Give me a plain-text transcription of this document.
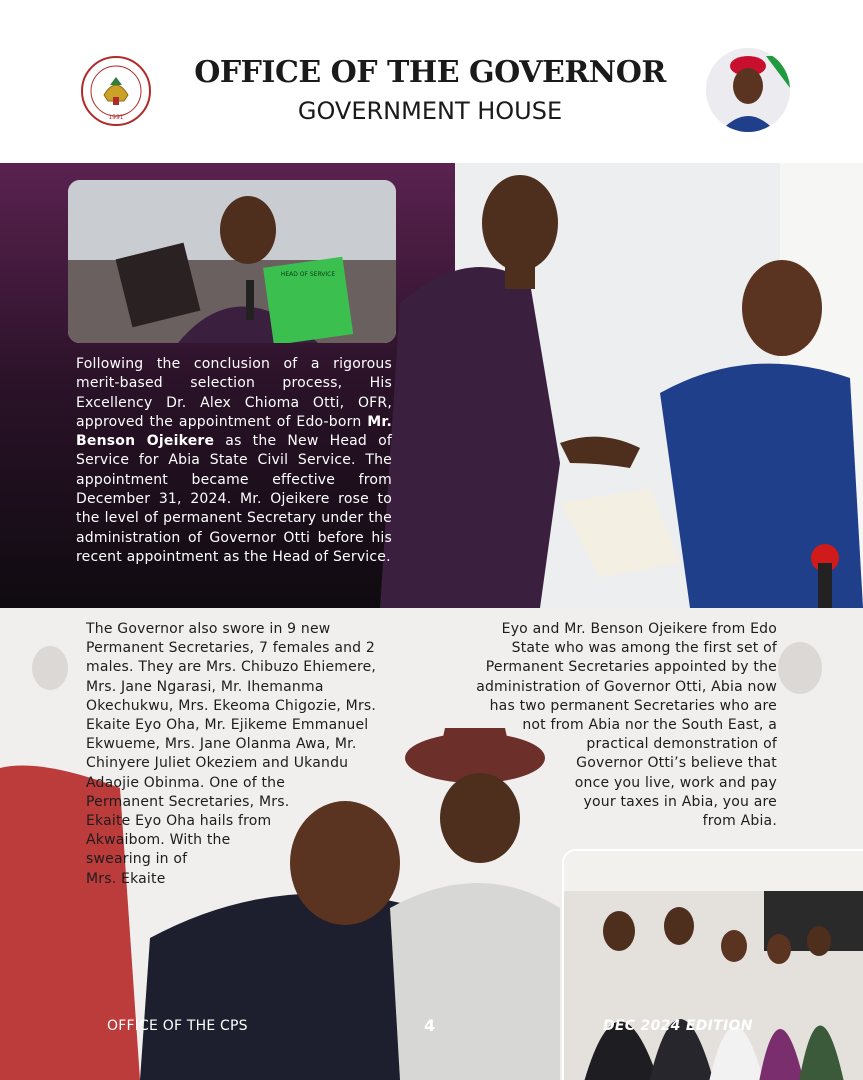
1991
OFFICE OF THE GOVERNOR
GOVERNMENT HOUSE
HEAD OF SERVICE
Following the conclusion of a rigorous merit-based selection process, His Excellency Dr. Alex Chioma Otti, OFR, approved the appointment of Edo-born Mr. Benson Ojeikere as the New Head of Service for Abia State Civil Service. The appointment became effective from December 31, 2024. Mr. Ojeikere rose to the level of permanent Secretary under the administration of Governor Otti before his recent appointment as the Head of Service.
The Governor also swore in 9 new
Permanent Secretaries, 7 females and 2
males. They are Mrs. Chibuzo Ehiemere,
Mrs. Jane Ngarasi, Mr. Ihemanma
Okechukwu, Mrs. Ekeoma Chigozie, Mrs.
Ekaite Eyo Oha, Mr. Ejikeme Emmanuel
Ekwueme, Mrs. Jane Olanma Awa, Mr.
Chinyere Juliet Okeziem and Ukandu
Adaojie Obinma. One of the
Permanent Secretaries, Mrs.
Ekaite Eyo Oha hails from
Akwaibom. With the
swearing in of
Mrs. Ekaite
Eyo and Mr. Benson Ojeikere from Edo
State who was among the first set of
Permanent Secretaries appointed by the
administration of Governor Otti, Abia now
has two permanent Secretaries who are
not from Abia nor the South East, a
practical demonstration of
Governor Otti’s believe that
once you live, work and pay
your taxes in Abia, you are
from Abia.
OFFICE OF THE CPS	4	DEC 2024 EDITION
